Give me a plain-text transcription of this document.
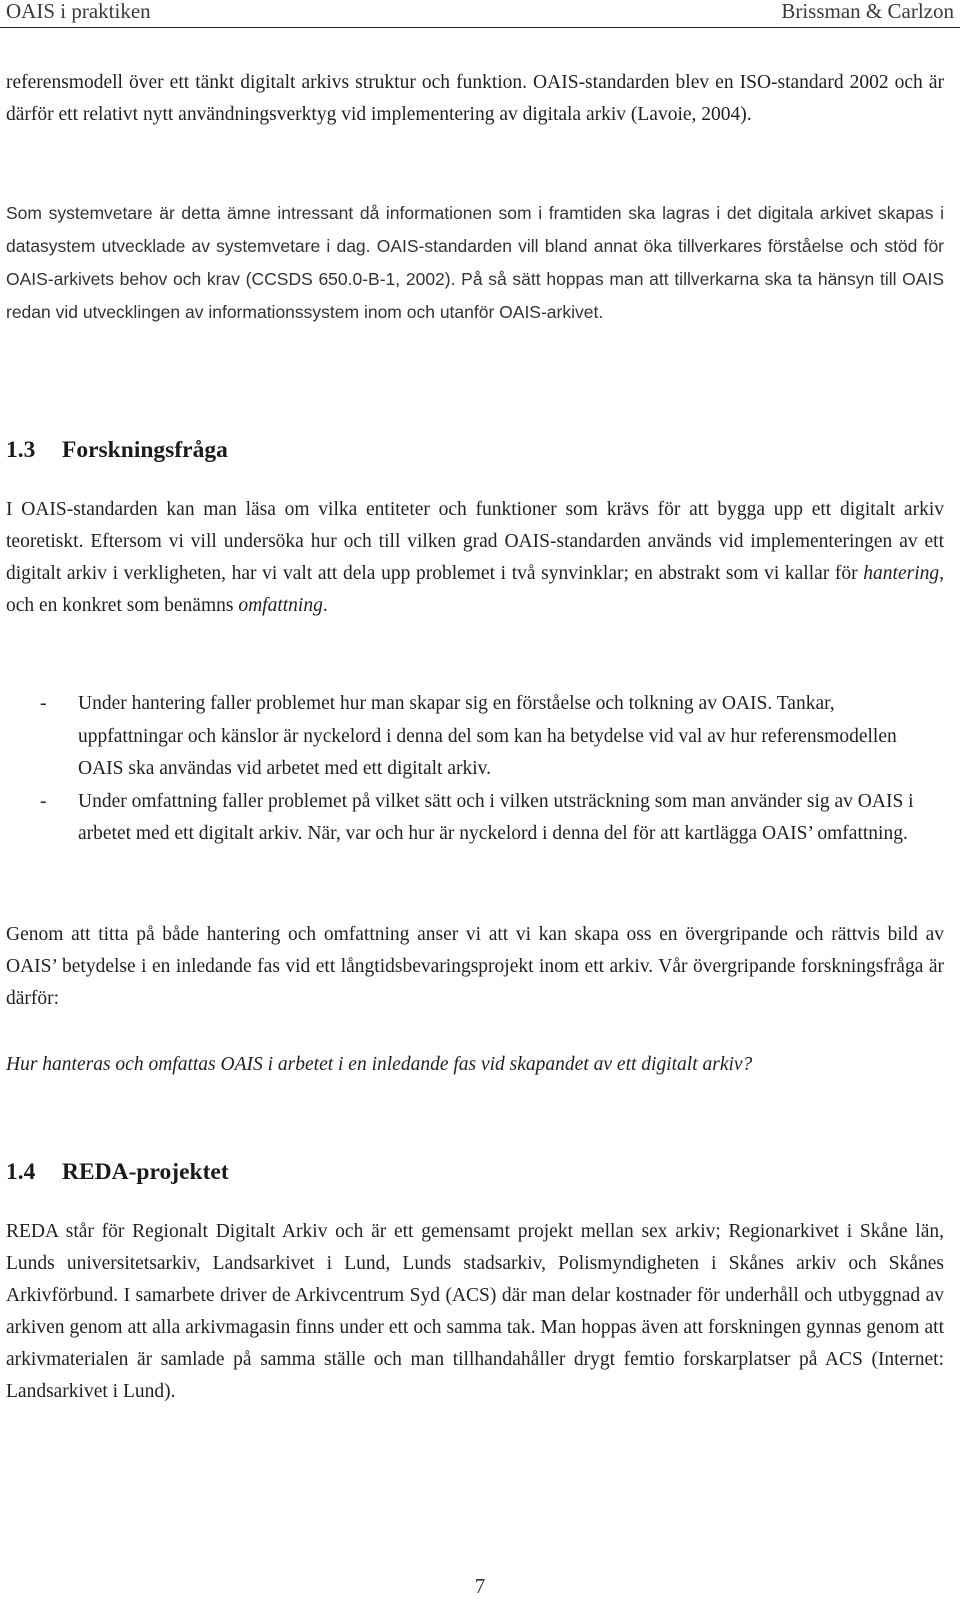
OAIS i praktiken	Brissman & Carlzon

referensmodell över ett tänkt digitalt arkivs struktur och funktion. OAIS-standarden blev en ISO-standard 2002 och är därför ett relativt nytt användningsverktyg vid implementering av digitala arkiv (Lavoie, 2004).

Som systemvetare är detta ämne intressant då informationen som i framtiden ska lagras i det digitala arkivet skapas i datasystem utvecklade av systemvetare i dag. OAIS-standarden vill bland annat öka tillverkares förståelse och stöd för OAIS-arkivets behov och krav (CCSDS 650.0-B-1, 2002). På så sätt hoppas man att tillverkarna ska ta hänsyn till OAIS redan vid utvecklingen av informationssystem inom och utanför OAIS-arkivet.

1.3 Forskningsfråga

I OAIS-standarden kan man läsa om vilka entiteter och funktioner som krävs för att bygga upp ett digitalt arkiv teoretiskt. Eftersom vi vill undersöka hur och till vilken grad OAIS-standarden används vid implementeringen av ett digitalt arkiv i verkligheten, har vi valt att dela upp problemet i två synvinklar; en abstrakt som vi kallar för hantering, och en konkret som benämns omfattning.

- Under hantering faller problemet hur man skapar sig en förståelse och tolkning av OAIS. Tankar, uppfattningar och känslor är nyckelord i denna del som kan ha betydelse vid val av hur referensmodellen OAIS ska användas vid arbetet med ett digitalt arkiv.
- Under omfattning faller problemet på vilket sätt och i vilken utsträckning som man använder sig av OAIS i arbetet med ett digitalt arkiv. När, var och hur är nyckelord i denna del för att kartlägga OAIS’ omfattning.

Genom att titta på både hantering och omfattning anser vi att vi kan skapa oss en övergripande och rättvis bild av OAIS’ betydelse i en inledande fas vid ett långtidsbevaringsprojekt inom ett arkiv. Vår övergripande forskningsfråga är därför:

Hur hanteras och omfattas OAIS i arbetet i en inledande fas vid skapandet av ett digitalt arkiv?

1.4 REDA-projektet

REDA står för Regionalt Digitalt Arkiv och är ett gemensamt projekt mellan sex arkiv; Regionarkivet i Skåne län, Lunds universitetsarkiv, Landsarkivet i Lund, Lunds stadsarkiv, Polismyndigheten i Skånes arkiv och Skånes Arkivförbund. I samarbete driver de Arkivcentrum Syd (ACS) där man delar kostnader för underhåll och utbyggnad av arkiven genom att alla arkivmagasin finns under ett och samma tak. Man hoppas även att forskningen gynnas genom att arkivmaterialen är samlade på samma ställe och man tillhandahåller drygt femtio forskarplatser på ACS (Internet: Landsarkivet i Lund).

7
